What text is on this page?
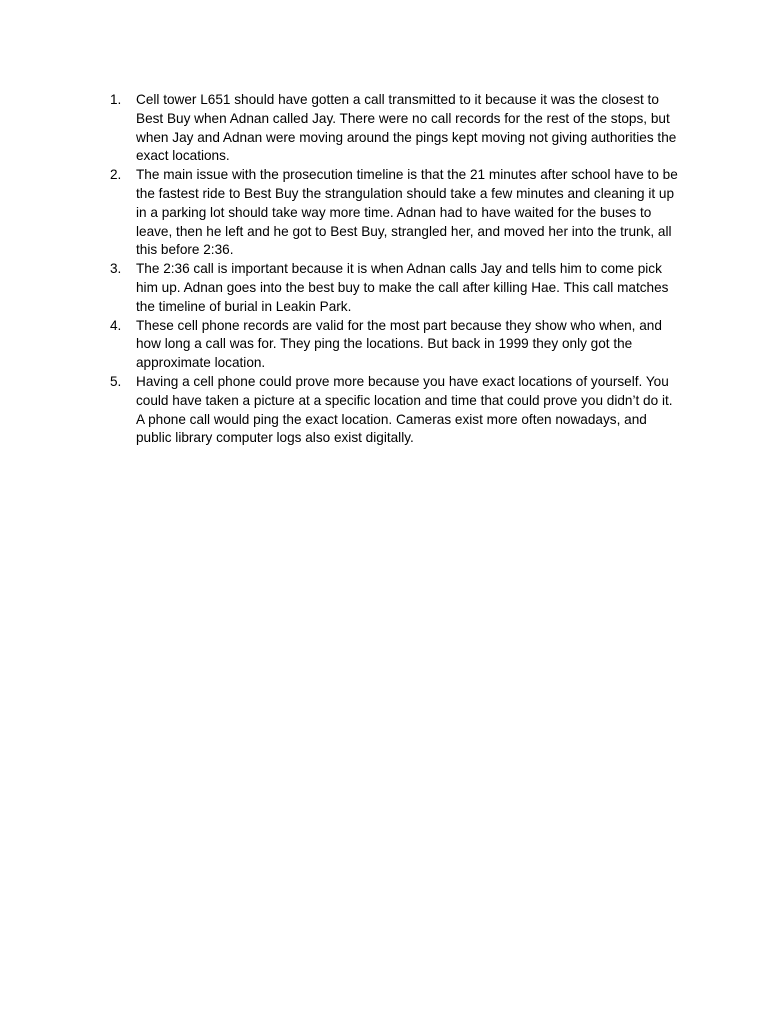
1.	Cell tower L651 should have gotten a call transmitted to it because it was the closest to Best Buy when Adnan called Jay. There were no call records for the rest of the stops, but when Jay and Adnan were moving around the pings kept moving not giving authorities the exact locations.
2.	The main issue with the prosecution timeline is that the 21 minutes after school have to be the fastest ride to Best Buy the strangulation should take a few minutes and cleaning it up in a parking lot should take way more time. Adnan had to have waited for the buses to leave, then he left and he got to Best Buy, strangled her, and moved her into the trunk, all this before 2:36.
3.	The 2:36 call is important because it is when Adnan calls Jay and tells him to come pick him up. Adnan goes into the best buy to make the call after killing Hae. This call matches the timeline of burial in Leakin Park.
4.	These cell phone records are valid for the most part because they show who when, and how long a call was for. They ping the locations. But back in 1999 they only got the approximate location.
5.	Having a cell phone could prove more because you have exact locations of yourself. You could have taken a picture at a specific location and time that could prove you didn’t do it. A phone call would ping the exact location. Cameras exist more often nowadays, and public library computer logs also exist digitally.
